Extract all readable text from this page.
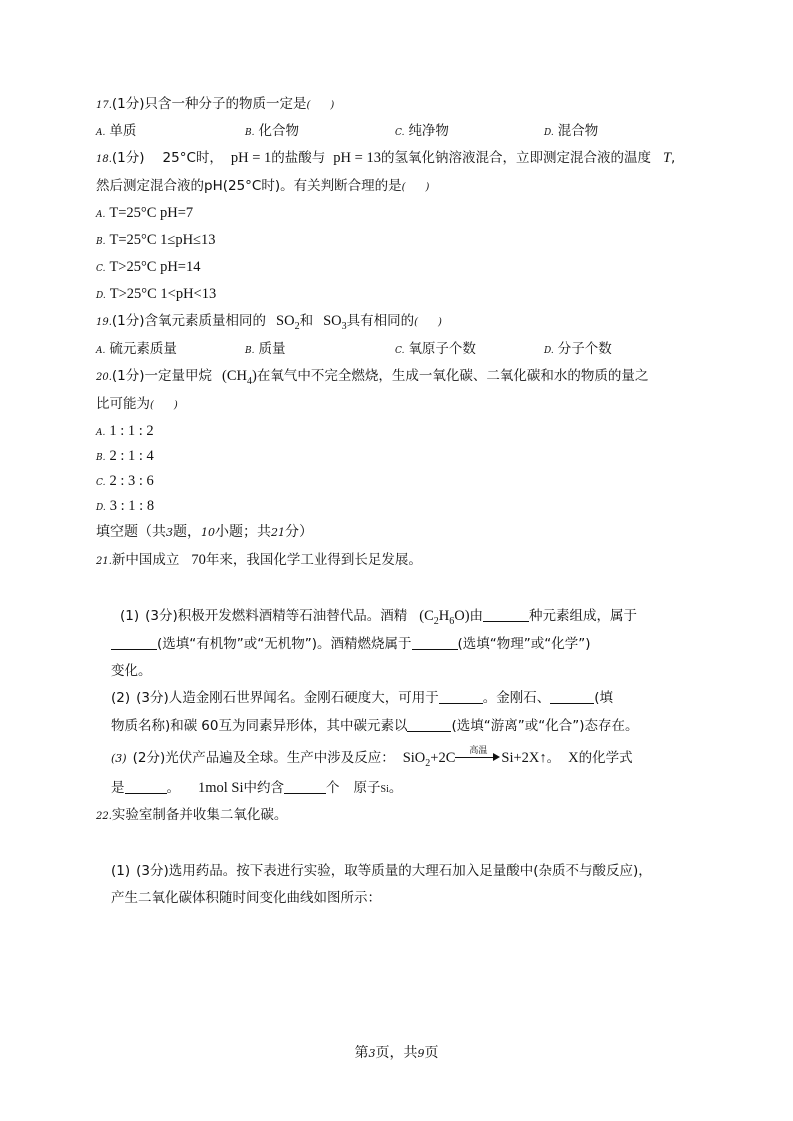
17.(1分)只含一种分子的物质一定是(　　)
A. 单质	B. 化合物	C. 纯净物	D. 混合物
18.(1分) 25°C时， pH = 1的盐酸与 pH = 13的氢氧化钠溶液混合，立即测定混合液的温度 T,
然后测定混合液的pH(25°C时)。有关判断合理的是(　　)
A. T=25°C pH=7
B. T=25°C 1≤pH≤13
C. T>25°C pH=14
D. T>25°C 1<pH<13
19.(1分)含氧元素质量相同的 $SO_2$和 $SO_3$具有相同的(　　)
A. 硫元素质量	B. 质量	C. 氧原子个数	D. 分子个数
20.(1分)一定量甲烷 $(CH_4)$在氧气中不完全燃烧，生成一氧化碳、二氧化碳和水的物质的量之
比可能为(　　)
A. 1 : 1 : 2
B. 2 : 1 : 4
C. 2 : 3 : 6
D. 3 : 1 : 8
填空题（共3题，10小题；共21分）
21.新中国成立 70年来，我国化学工业得到长足发展。
(1) (3分)积极开发燃料酒精等石油替代品。酒精 $(C_2H_6O)$由	种元素组成，属于
(选填“有机物”或“无机物”)。酒精燃烧属于	(选填“物理”或“化学”)
变化。
(2) (3分)人造金刚石世界闻名。金刚石硬度大，可用于	。金刚石、	(填
物质名称)和碳 60互为同素异形体，其中碳元素以	(选填“游离”或“化合”)态存在。
(3) (2分)光伏产品遍及全球。生产中涉及反应： SiO$_2$+2C	高温 Si+2X↑。 X的化学式
是	。 1mol Si中约含	个 原子Si。
22.实验室制备并收集二氧化碳。
(1) (3分)选用药品。按下表进行实验，取等质量的大理石加入足量酸中(杂质不与酸反应)，
产生二氧化碳体积随时间变化曲线如图所示：
第3页，共9页
